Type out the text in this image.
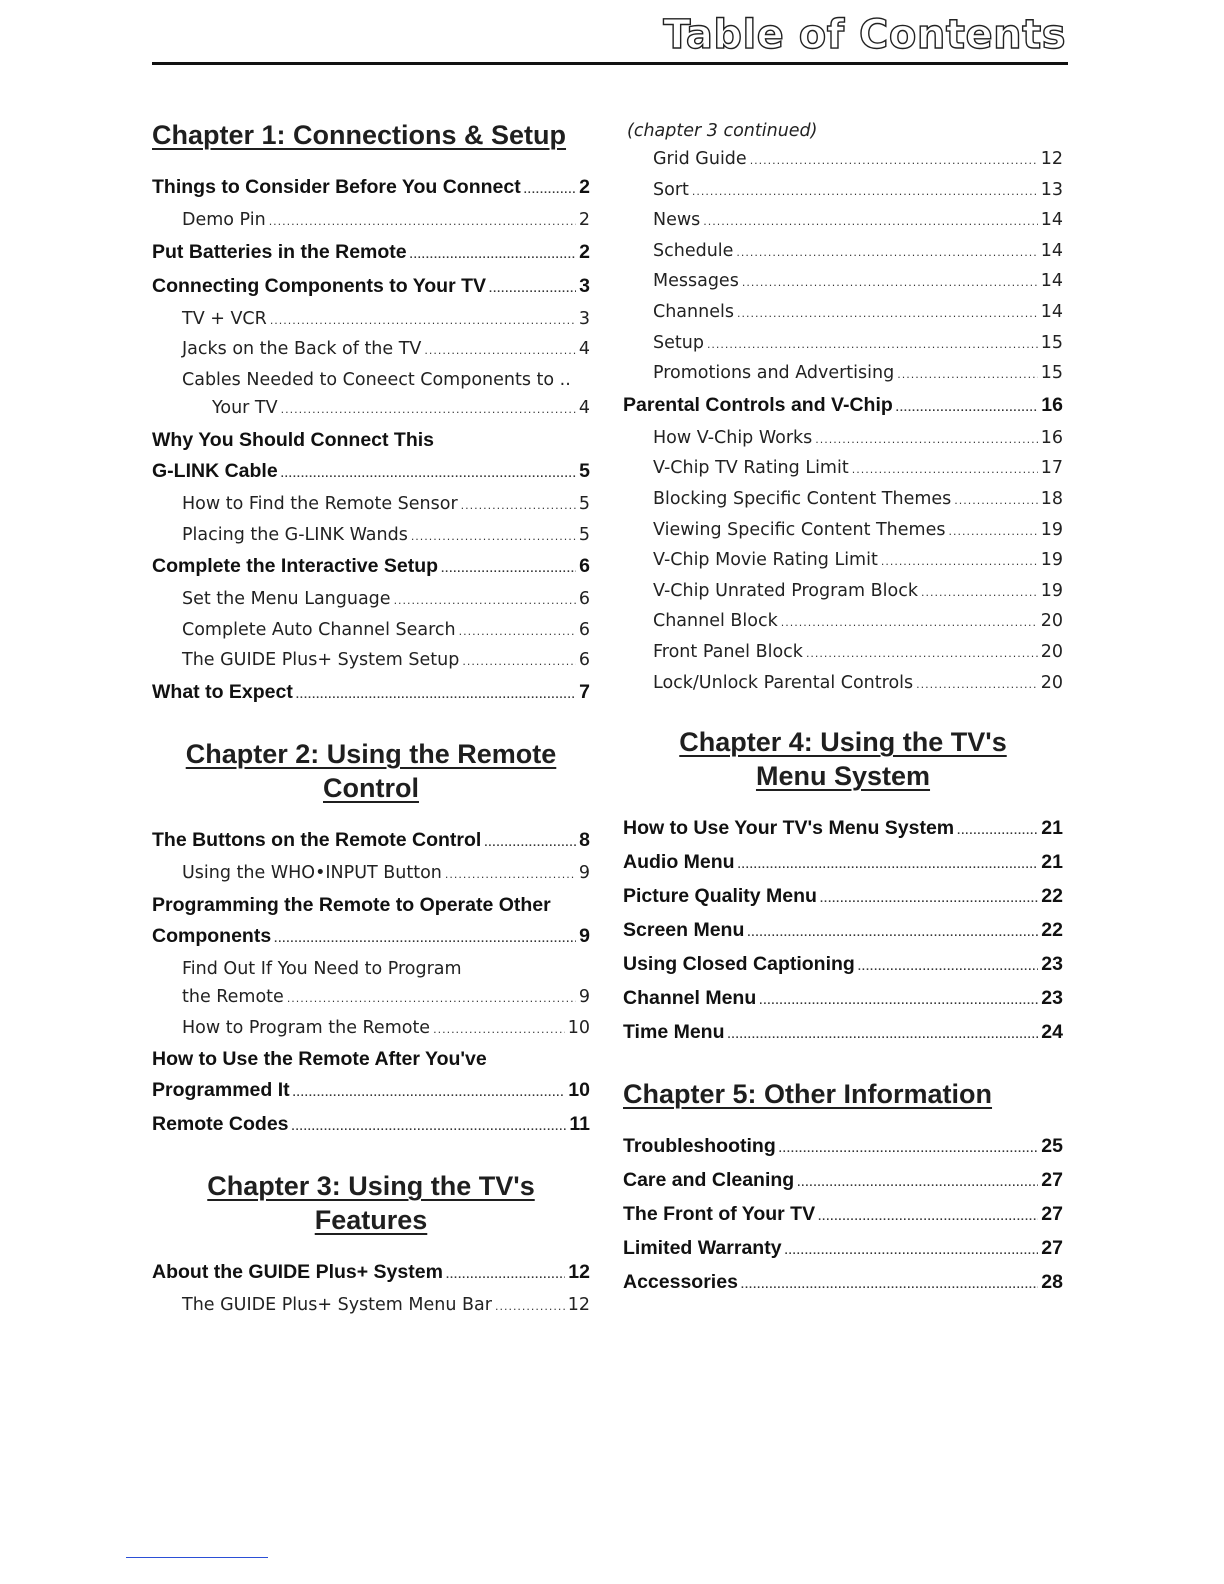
Table of Contents
Chapter 1: Connections & Setup
Things to Consider Before You Connect .....	2
Demo Pin .....	2
Put Batteries in the Remote .....	2
Connecting Components to Your TV .....	3
TV + VCR .....	3
Jacks on the Back of the TV .....	4
Cables Needed to Coneect Components to ..
Your TV .....	4
Why You Should Connect This
G-LINK Cable .....	5
How to Find the Remote Sensor .....	5
Placing the G-LINK Wands .....	5
Complete the Interactive Setup .....	6
Set the Menu Language .....	6
Complete Auto Channel Search .....	6
The GUIDE Plus+ System Setup .....	6
What to Expect .....	7
Chapter 2: Using the Remote
Control
The Buttons on the Remote Control .....	8
Using the WHO•INPUT Button .....	9
Programming the Remote to Operate Other
Components .....	9
Find Out If You Need to Program
the Remote .....	9
How to Program the Remote .....	10
How to Use the Remote After You've
Programmed It .....	10
Remote Codes .....	11
Chapter 3: Using the TV's
Features
About the GUIDE Plus+ System .....	12
The GUIDE Plus+ System Menu Bar .....	12
(chapter 3 continued)
Grid Guide .....	12
Sort .....	13
News .....	14
Schedule .....	14
Messages .....	14
Channels .....	14
Setup .....	15
Promotions and Advertising .....	15
Parental Controls and V-Chip .....	16
How V-Chip Works .....	16
V-Chip TV Rating Limit .....	17
Blocking Specific Content Themes .....	18
Viewing Specific Content Themes .....	19
V-Chip Movie Rating Limit .....	19
V-Chip Unrated Program Block .....	19
Channel Block .....	20
Front Panel Block .....	20
Lock/Unlock Parental Controls .....	20
Chapter 4: Using the TV's
Menu System
How to Use Your TV's Menu System .....	21
Audio Menu .....	21
Picture Quality Menu .....	22
Screen Menu .....	22
Using Closed Captioning .....	23
Channel Menu .....	23
Time Menu .....	24
Chapter 5: Other Information
Troubleshooting .....	25
Care and Cleaning .....	27
The Front of Your TV .....	27
Limited Warranty .....	27
Accessories .....	28
